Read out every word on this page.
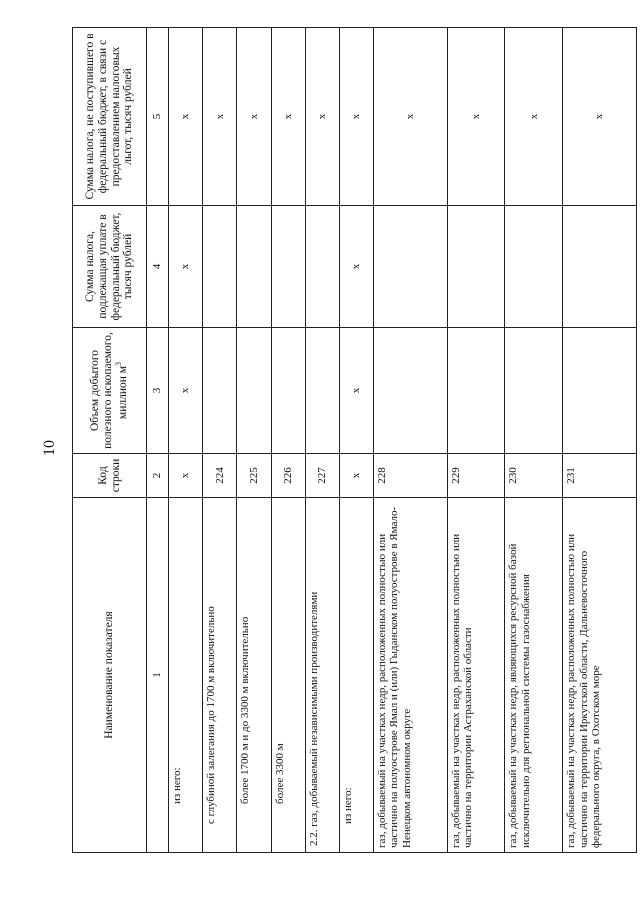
10
Наименование показателя	Код строки	Объем добытого полезного ископаемого, миллион $м^3$	Сумма налога, подлежащая уплате в федеральный бюджет, тысяч рублей	Сумма налога, не поступившего в федеральный бюджет, в связи с предоставлением налоговых льгот, тысяч рублей
1	2	3	4	5
из него:	х	х	х	х
с глубиной залегания до 1700 м включительно	224			х
более 1700 м и до 3300 м включительно	225			х
более 3300 м	226			х
2.2. газ, добываемый независимыми производителями	227			х
из него:	х	х	х	х
газ, добываемый на участках недр, расположенных полностью или частично на полуострове Ямал и (или) Гыданском полуострове в Ямало-Ненецком автономном округе	228			х
газ, добываемый на участках недр, расположенных полностью или частично на территории Астраханской области	229			х
газ, добываемый на участках недр, являющихся ресурсной базой исключительно для региональной системы газоснабжения	230			х
газ, добываемый на участках недр, расположенных полностью или частично на территории Иркутской области, Дальневосточного федерального округа, в Охотском море	231			х
